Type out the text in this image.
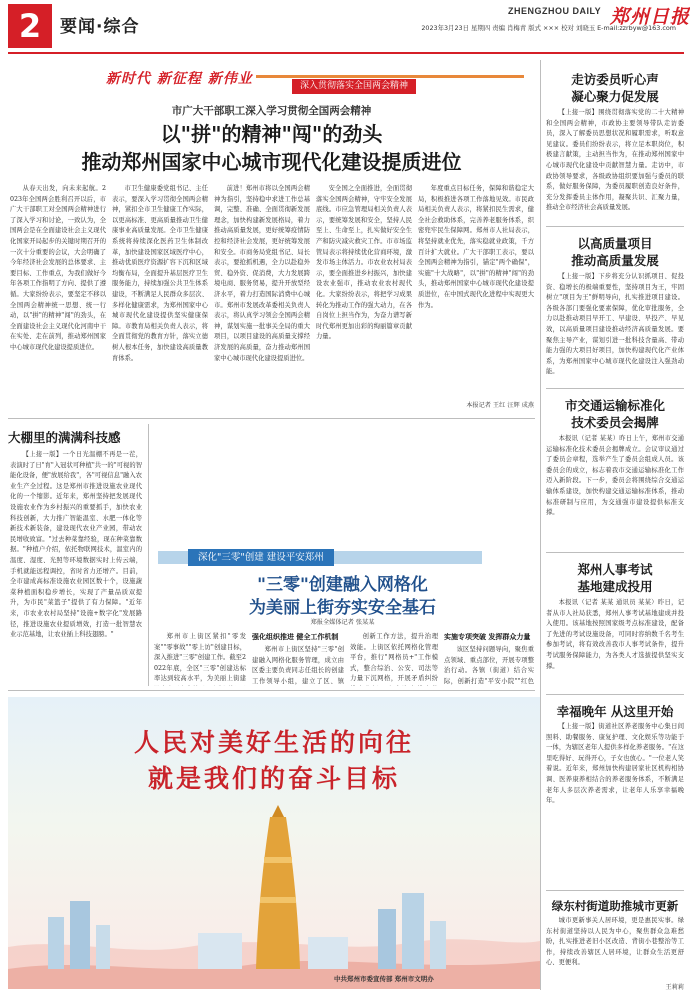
2	要闻·综合
ZHENGZHOU DAILY 郑州日报
2023年3月23日 星期四 责编 肖梅青 版式 ××× 校对 刘晓玉 E-mail:zzrbyw@163.com
新时代 新征程 新伟业	深入贯彻落实全国两会精神
市广大干部职工深入学习贯彻全国两会精神
以"拼"的精神"闯"的劲头
推动郑州国家中心城市现代化建设提质进位
从春天出发，向未来起航。2023年全国两会胜利召开以后，市广大干部职工对全国两会精神进行了深入学习和讨论，一致认为，全国两会是在全面建设社会主义现代化国家开局起步的关键时期召开的一次十分重要的会议，大会明确了今年经济社会发展的总体要求、主要目标、工作重点，为我们做好今年各项工作指明了方向、提供了遵循。大家纷纷表示，要坚定不移以全国两会精神统一思想、统一行动，以"拼"的精神"闯"的劲头，在全面建设社会主义现代化河南中干在实处、走在前列，推动郑州国家中心城市现代化建设提质进位。
市卫生健康委党组书记、主任表示，要深入学习贯彻全国两会精神，紧扣全市卫生健康工作实际，以更高标准、更高质量推动卫生健康事业高质量发展。全市卫生健康系统将持续深化医药卫生体制改革，加快建设国家区域医疗中心，推动优质医疗资源扩容下沉和区域均衡布局，全面提升基层医疗卫生服务能力，持续加强公共卫生体系建设，不断满足人民群众多层次、多样化健康需求，为郑州国家中心城市现代化建设提供坚实健康保障。市教育局相关负责人表示，将全面贯彻党的教育方针，落实立德树人根本任务，加快建设高质量教育体系。
前进！郑州市将以全国两会精神为指引，坚持稳中求进工作总基调，完整、准确、全面贯彻新发展理念，加快构建新发展格局，着力推动高质量发展，更好统筹疫情防控和经济社会发展，更好统筹发展和安全。市商务局党组书记、局长表示，要抢抓机遇，全力以赴稳外贸、稳外资、促消费，大力发展跨境电商、服务贸易，提升开放型经济水平，着力打造国际消费中心城市。郑州市发展改革委相关负责人表示，将认真学习领会全国两会精神，谋划实施一批事关全局的重大项目，以项目建设的高质量支撑经济发展的高质量，奋力推动郑州国家中心城市现代化建设提质进位。
安全国之全面推进，全面贯彻落实全国两会精神，守牢安全发展底线。市应急管理局相关负责人表示，要统筹发展和安全，坚持人民至上、生命至上，扎实做好安全生产和防灾减灾救灾工作。市市场监管局表示将持续优化营商环境，激发市场主体活力。市农业农村局表示，要全面推进乡村振兴，加快建设农业强市，推动农业农村现代化。大家纷纷表示，将把学习成果转化为推动工作的强大动力，在各自岗位上担当作为，为奋力谱写新时代郑州更加出彩的绚丽篇章贡献力量。
年度重点目标任务，保障和谐稳定大局，积极推进各项工作落地见效。市民政局相关负责人表示，将紧扣民生需求，健全社会救助体系，完善养老服务体系，织密兜牢民生保障网。郑州市人社局表示，将坚持就业优先，落实稳就业政策，千方百计扩大就业。广大干部职工表示，要以全国两会精神为指引，锚定"两个确保"，实施"十大战略"，以"拼"的精神"闯"的劲头，推动郑州国家中心城市现代化建设提质进位，在中国式现代化进程中实现更大作为。
本报记者 王红 汪辉 成燕
大棚里的满满科技感
【上接一版】一个日光温棚不再是一茬，表演时了日"育"入冠状可种植"共一的"可视的智能化设备，便"放展给我"，各"可视信息"融入农业生产全过程。这是郑州市推进设施农业现代化的一个缩影。近年来，郑州坚持把发展现代设施农业作为乡村振兴的重要抓手，加快农业科技创新，大力推广智能温室、水肥一体化等新技术新装备，建设现代农业产业园，带动农民增收致富。"过去种菜靠经验，现在种菜靠数据。"种植户介绍，依托物联网技术，温室内的温度、湿度、光照等环境数据实时上传云端，手机就能远程调控，省时省力还增产。目前，全市建成高标准设施农业园区数十个，设施蔬菜种植面积稳步增长，实现了产量品质双提升，为市民"菜篮子"提供了有力保障。"近年来，市农业农村局坚持"设施+数字化"发展路径，推进设施农业提质增效，打造一批智慧农业示范基地，让农业插上科技翅膀。"
深化"三零"创建 建设平安郑州
"三零"创建融入网格化
为美丽上街夯实安全基石
郑报全媒体记者 张某某
郑州市上街区紧扣"零发案""零事故""零上访"创建目标，深入推进"三零"创建工作。截至2022年底，全区"三零"创建达标率达到较高水平，为美丽上街建
强化组织推进 健全工作机制
郑州市上街区坚持"三零"创建融入网格化服务管理，成立由区委主要负责同志任组长的创建工作领导小组，建立了区、镇
创新工作方法，提升治理效能。上街区依托网格化管理平台，推行"网格员+"工作模式，整合综治、公安、司法等力量下沉网格，开展矛盾纠纷
实施专项突破 发挥群众力量
该区坚持问题导向，聚焦重点领域、重点部位，开展专项整治行动。各镇（街道）结合实际，创新打造"平安小院""红色
人民对美好生活的向往
就是我们的奋斗目标
中共郑州市委宣传部 郑州市文明办
走访委员听心声
凝心聚力促发展
【上接一版】围绕贯彻落实党的二十大精神和全国两会精神，市政协主要领导带队走访委员，深入了解委员思想状况和履职需求，听取意见建议。委员们纷纷表示，将立足本职岗位，积极建言献策，主动担当作为，在推动郑州国家中心城市现代化建设中贡献智慧力量。走访中，市政协领导要求，各级政协组织要加强与委员的联系，做好服务保障，为委员履职创造良好条件，充分发挥委员主体作用，凝聚共识、汇聚力量，推动全市经济社会高质量发展。
以高质量项目
推动高质量发展
【上接一版】下步将充分认识抓项目、促投资、稳增长的极端重要性，坚持项目为王，牢固树立"项目为王"鲜明导向，扎实推进项目建设。各级各部门要强化要素保障，优化审批服务，全力以赴推动项目早开工、早建设、早投产、早见效，以高质量项目建设推动经济高质量发展。要聚焦主导产业，谋划引进一批科技含量高、带动能力强的大项目好项目，加快构建现代化产业体系，为郑州国家中心城市现代化建设注入强劲动能。
市交通运输标准化
技术委员会揭牌
本报讯（记者 某某）昨日上午，郑州市交通运输标准化技术委员会揭牌成立。会议审议通过了委员会章程，选举产生了委员会组成人员。该委员会的成立，标志着我市交通运输标准化工作迈入新阶段。下一步，委员会将围绕综合交通运输体系建设，加快构建交通运输标准体系，推动标准研制与应用，为交通强市建设提供标准支撑。
郑州人事考试
基地建成投用
本报讯（记者 某某 通讯员 某某）昨日，记者从市人社局获悉，郑州人事考试基地建成并投入使用。该基地按照国家级考点标准建设，配备了先进的考试设施设备，可同时容纳数千名考生参加考试，将有效改善我市人事考试条件，提升考试服务保障能力，为各类人才选拔提供坚实支撑。
幸福晚年 从这里开始
【上接一版】街道社区养老服务中心集日间照料、助餐服务、康复护理、文化娱乐等功能于一体，为辖区老年人提供多样化养老服务。"在这里吃得好、玩得开心，子女也放心。"一位老人笑着说。近年来，郑州加快构建居家社区机构相协调、医养康养相结合的养老服务体系，不断满足老年人多层次养老需求，让老年人乐享幸福晚年。
绿东村街道助推城市更新
城市更新事关人居环境，更是惠民实事。绿东村街道坚持以人民为中心，聚焦群众急难愁盼，扎实推进老旧小区改造、背街小巷整治等工作，持续改善辖区人居环境，让群众生活更舒心、更便利。
王莉莉
